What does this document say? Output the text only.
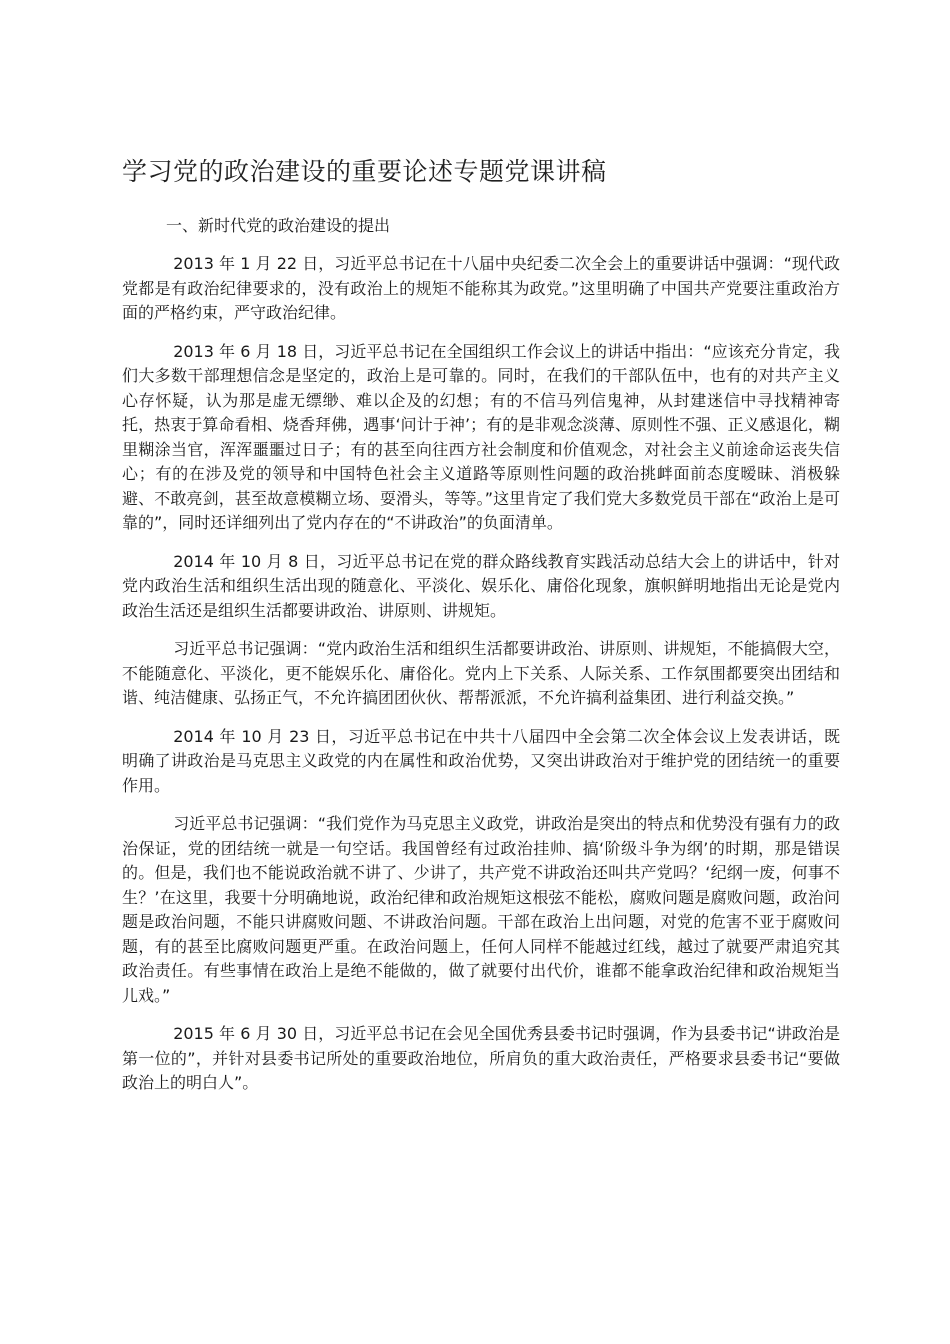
学习党的政治建设的重要论述专题党课讲稿
一、新时代党的政治建设的提出

2013 年 1 月 22 日，习近平总书记在十八届中央纪委二次全会上的重要讲话中强调：“现代政党都是有政治纪律要求的，没有政治上的规矩不能称其为政党。”这里明确了中国共产党要注重政治方面的严格约束，严守政治纪律。

2013 年 6 月 18 日，习近平总书记在全国组织工作会议上的讲话中指出：“应该充分肯定，我们大多数干部理想信念是坚定的，政治上是可靠的。同时，在我们的干部队伍中，也有的对共产主义心存怀疑，认为那是虚无缥缈、难以企及的幻想；有的不信马列信鬼神，从封建迷信中寻找精神寄托，热衷于算命看相、烧香拜佛，遇事‘问计于神’；有的是非观念淡薄、原则性不强、正义感退化，糊里糊涂当官，浑浑噩噩过日子；有的甚至向往西方社会制度和价值观念，对社会主义前途命运丧失信心；有的在涉及党的领导和中国特色社会主义道路等原则性问题的政治挑衅面前态度暧昧、消极躲避、不敢亮剑，甚至故意模糊立场、耍滑头，等等。”这里肯定了我们党大多数党员干部在“政治上是可靠的”，同时还详细列出了党内存在的“不讲政治”的负面清单。

2014 年 10 月 8 日，习近平总书记在党的群众路线教育实践活动总结大会上的讲话中，针对党内政治生活和组织生活出现的随意化、平淡化、娱乐化、庸俗化现象，旗帜鲜明地指出无论是党内政治生活还是组织生活都要讲政治、讲原则、讲规矩。

习近平总书记强调：“党内政治生活和组织生活都要讲政治、讲原则、讲规矩，不能搞假大空，不能随意化、平淡化，更不能娱乐化、庸俗化。党内上下关系、人际关系、工作氛围都要突出团结和谐、纯洁健康、弘扬正气，不允许搞团团伙伙、帮帮派派，不允许搞利益集团、进行利益交换。”

2014 年 10 月 23 日，习近平总书记在中共十八届四中全会第二次全体会议上发表讲话，既明确了讲政治是马克思主义政党的内在属性和政治优势，又突出讲政治对于维护党的团结统一的重要作用。

习近平总书记强调：“我们党作为马克思主义政党，讲政治是突出的特点和优势没有强有力的政治保证，党的团结统一就是一句空话。我国曾经有过政治挂帅、搞‘阶级斗争为纲’的时期，那是错误的。但是，我们也不能说政治就不讲了、少讲了，共产党不讲政治还叫共产党吗？‘纪纲一废，何事不生？’在这里，我要十分明确地说，政治纪律和政治规矩这根弦不能松，腐败问题是腐败问题，政治问题是政治问题，不能只讲腐败问题、不讲政治问题。干部在政治上出问题，对党的危害不亚于腐败问题，有的甚至比腐败问题更严重。在政治问题上，任何人同样不能越过红线，越过了就要严肃追究其政治责任。有些事情在政治上是绝不能做的，做了就要付出代价，谁都不能拿政治纪律和政治规矩当儿戏。”

2015 年 6 月 30 日，习近平总书记在会见全国优秀县委书记时强调，作为县委书记“讲政治是第一位的”，并针对县委书记所处的重要政治地位，所肩负的重大政治责任，严格要求县委书记“要做政治上的明白人”。
